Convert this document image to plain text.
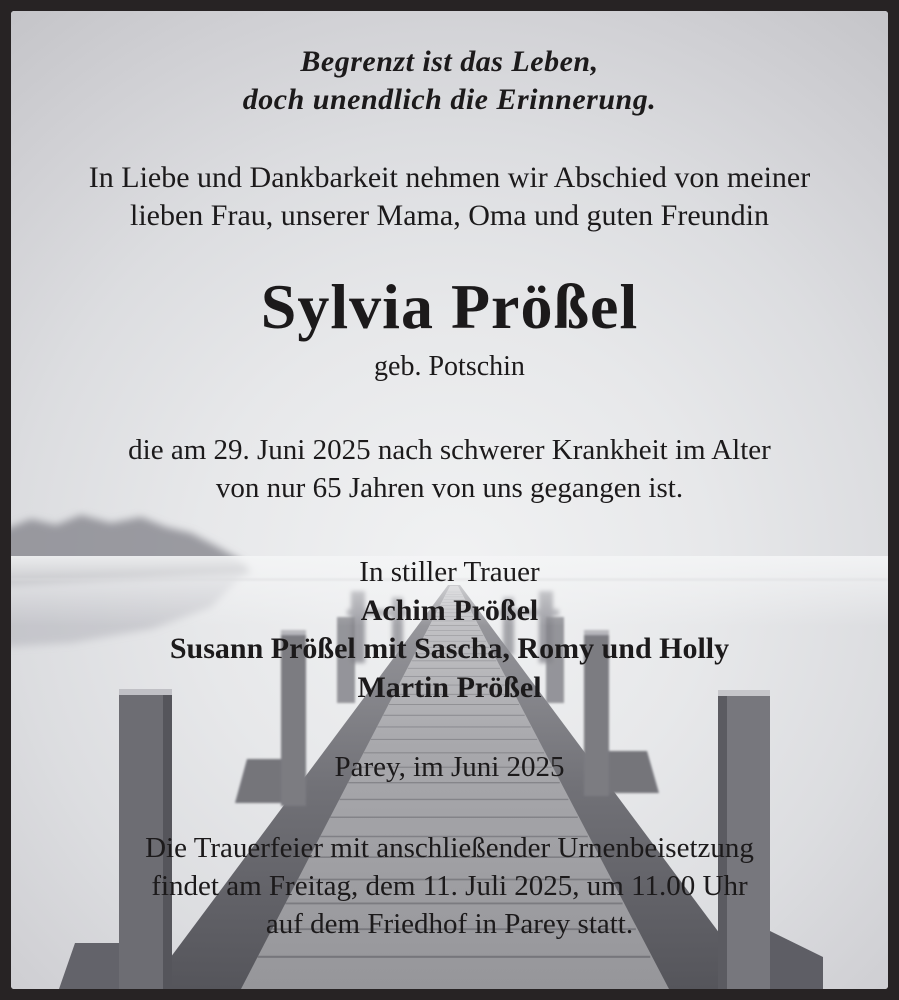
Begrenzt ist das Leben,
doch unendlich die Erinnerung.
In Liebe und Dankbarkeit nehmen wir Abschied von meiner
lieben Frau, unserer Mama, Oma und guten Freundin
Sylvia Prößel
geb. Potschin
die am 29. Juni 2025 nach schwerer Krankheit im Alter
von nur 65 Jahren von uns gegangen ist.
In stiller Trauer
Achim Prößel
Susann Prößel mit Sascha, Romy und Holly
Martin Prößel
Parey, im Juni 2025
Die Trauerfeier mit anschließender Urnenbeisetzung
findet am Freitag, dem 11. Juli 2025, um 11.00 Uhr
auf dem Friedhof in Parey statt.
